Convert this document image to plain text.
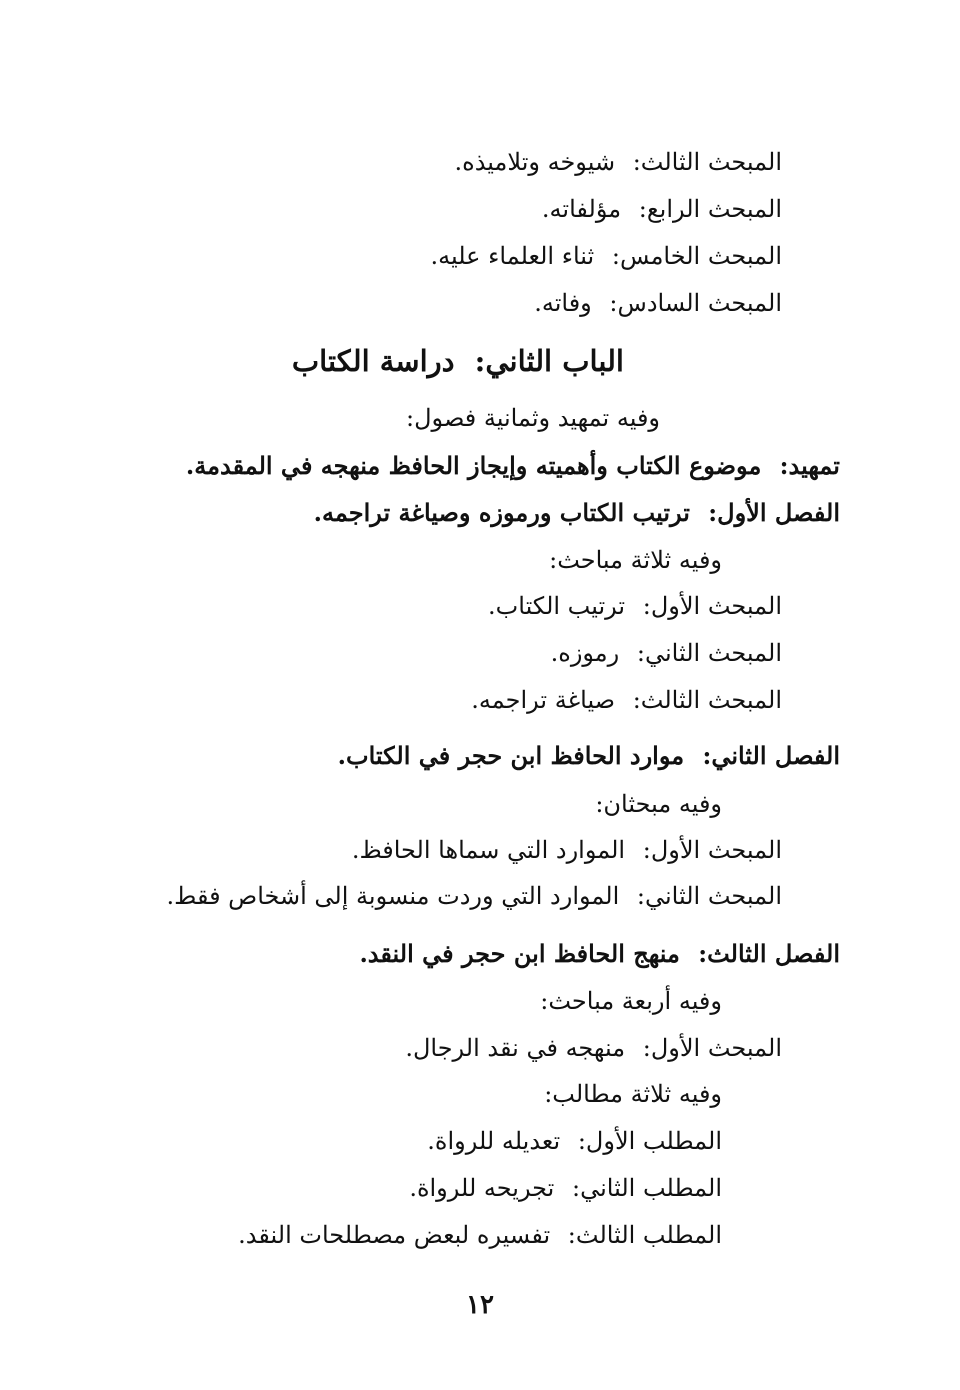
المبحث الثالث: شيوخه وتلاميذه.
المبحث الرابع: مؤلفاته.
المبحث الخامس: ثناء العلماء عليه.
المبحث السادس: وفاته.
الباب الثاني: دراسة الكتاب
وفيه تمهيد وثمانية فصول:
تمهيد: موضوع الكتاب وأهميته وإيجاز الحافظ منهجه في المقدمة.
الفصل الأول: ترتيب الكتاب ورموزه وصياغة تراجمه.
وفيه ثلاثة مباحث:
المبحث الأول: ترتيب الكتاب.
المبحث الثاني: رموزه.
المبحث الثالث: صياغة تراجمه.
الفصل الثاني: موارد الحافظ ابن حجر في الكتاب.
وفيه مبحثان:
المبحث الأول: الموارد التي سماها الحافظ.
المبحث الثاني: الموارد التي وردت منسوبة إلى أشخاص فقط.
الفصل الثالث: منهج الحافظ ابن حجر في النقد.
وفيه أربعة مباحث:
المبحث الأول: منهجه في نقد الرجال.
وفيه ثلاثة مطالب:
المطلب الأول: تعديله للرواة.
المطلب الثاني: تجريحه للرواة.
المطلب الثالث: تفسيره لبعض مصطلحات النقد.
١٢
